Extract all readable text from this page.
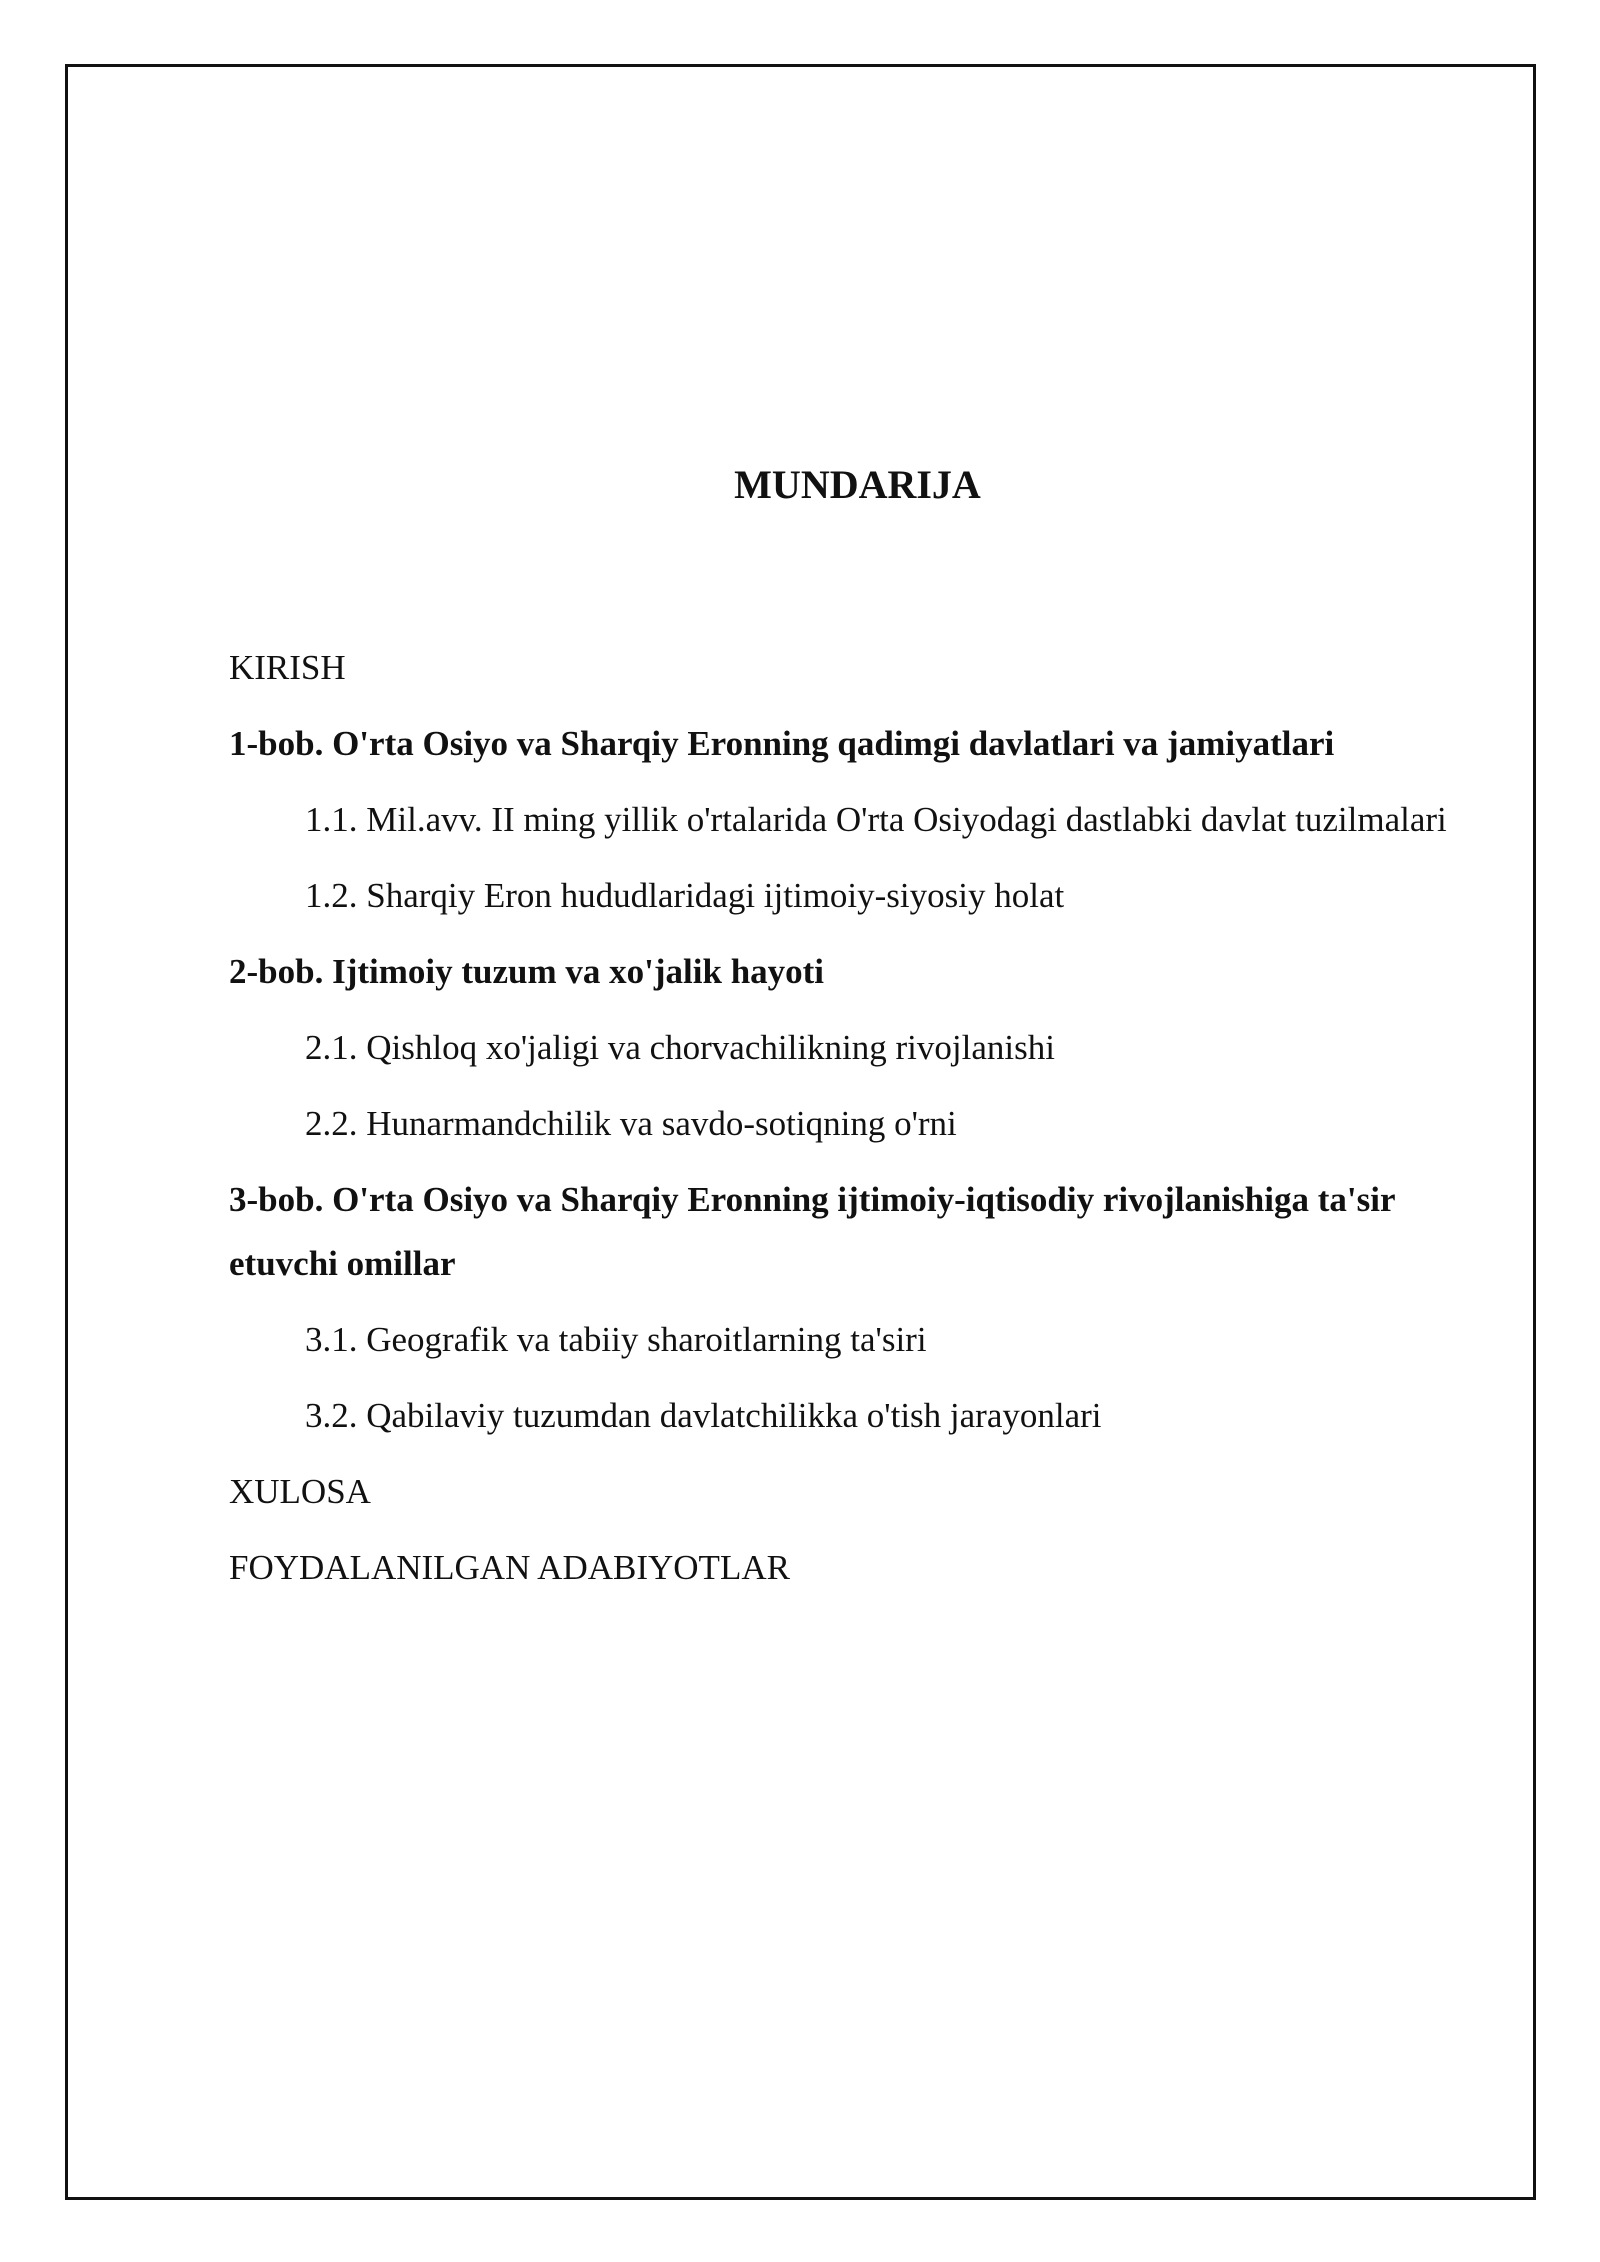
MUNDARIJA

KIRISH

1-bob. O'rta Osiyo va Sharqiy Eronning qadimgi davlatlari va jamiyatlari

1.1. Mil.avv. II ming yillik o'rtalarida O'rta Osiyodagi dastlabki davlat tuzilmalari

1.2. Sharqiy Eron hududlaridagi ijtimoiy-siyosiy holat

2-bob. Ijtimoiy tuzum va xo'jalik hayoti

2.1. Qishloq xo'jaligi va chorvachilikning rivojlanishi

2.2. Hunarmandchilik va savdo-sotiqning o'rni

3-bob. O'rta Osiyo va Sharqiy Eronning ijtimoiy-iqtisodiy rivojlanishiga ta'sir etuvchi omillar

3.1. Geografik va tabiiy sharoitlarning ta'siri

3.2. Qabilaviy tuzumdan davlatchilikka o'tish jarayonlari

XULOSA

FOYDALANILGAN ADABIYOTLAR
